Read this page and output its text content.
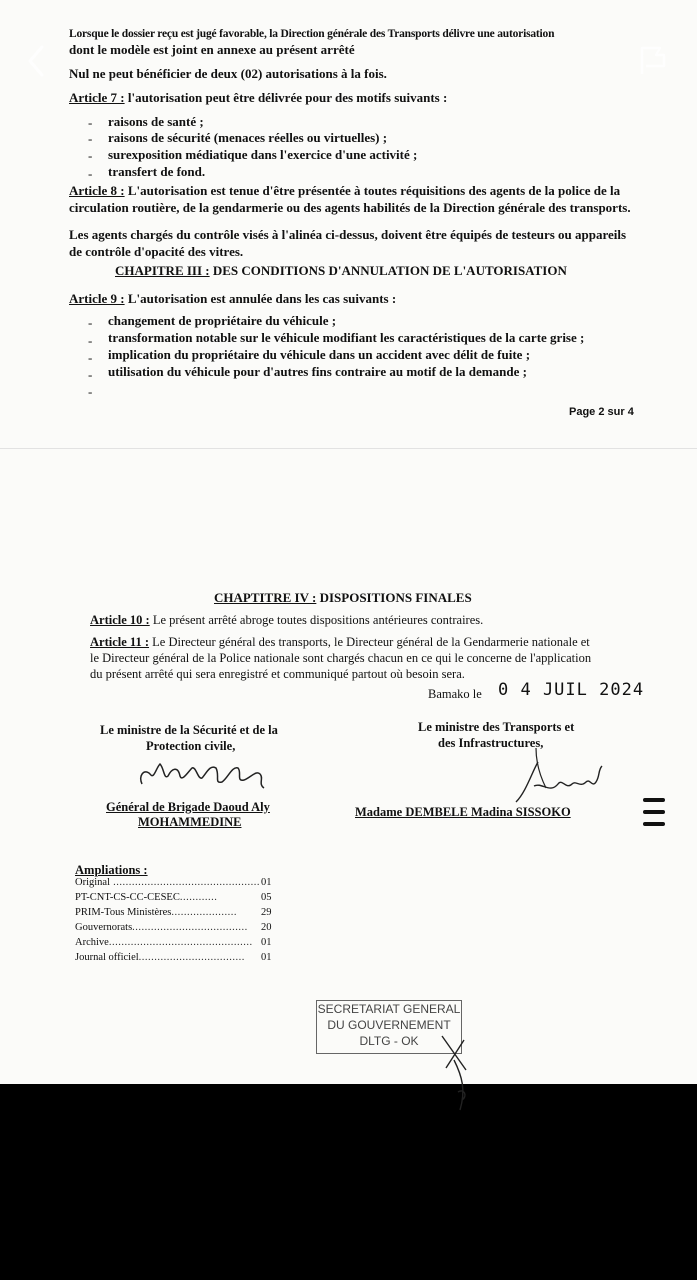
Lorsque le dossier reçu est jugé favorable, la Direction générale des Transports délivre une autorisation
dont le modèle est joint en annexe au présent arrêté
Nul ne peut bénéficier de deux (02) autorisations à la fois.
Article 7 : l'autorisation peut être délivrée pour des motifs suivants :
- raisons de santé ;
- raisons de sécurité (menaces réelles ou virtuelles) ;
- surexposition médiatique dans l'exercice d'une activité ;
- transfert de fond.
Article 8 : L'autorisation est tenue d'être présentée à toutes réquisitions des agents de la police de la
circulation routière, de la gendarmerie ou des agents habilités de la Direction générale des transports.
Les agents chargés du contrôle visés à l'alinéa ci-dessus, doivent être équipés de testeurs ou appareils
de contrôle d'opacité des vitres.
CHAPITRE III : DES CONDITIONS D'ANNULATION DE L'AUTORISATION
Article 9 : L'autorisation est annulée dans les cas suivants :
- changement de propriétaire du véhicule ;
- transformation notable sur le véhicule modifiant les caractéristiques de la carte grise ;
- implication du propriétaire du véhicule dans un accident avec délit de fuite ;
- utilisation du véhicule pour d'autres fins contraire au motif de la demande ;
-
Page 2 sur 4
CHAPTITRE IV : DISPOSITIONS FINALES
Article 10 : Le présent arrêté abroge toutes dispositions antérieures contraires.
Article 11 : Le Directeur général des transports, le Directeur général de la Gendarmerie nationale et
le Directeur général de la Police nationale sont chargés chacun en ce qui le concerne de l'application
du présent arrêté qui sera enregistré et communiqué partout où besoin sera.
Bamako le 0 4 JUIL 2024
Le ministre de la Sécurité et de la
Protection civile,
Le ministre des Transports et
des Infrastructures,
Général de Brigade Daoud Aly
MOHAMMEDINE
Madame DEMBELE Madina SISSOKO
Ampliations :
Original ............................................... 01
PT-CNT-CS-CC-CESEC............	05
PRIM-Tous Ministères..................... 29
Gouvernorats..................................... 20
Archive.............................................. 01
Journal officiel.................................. 01
SECRETARIAT GENERAL
DU GOUVERNEMENT
DLTG - OK
